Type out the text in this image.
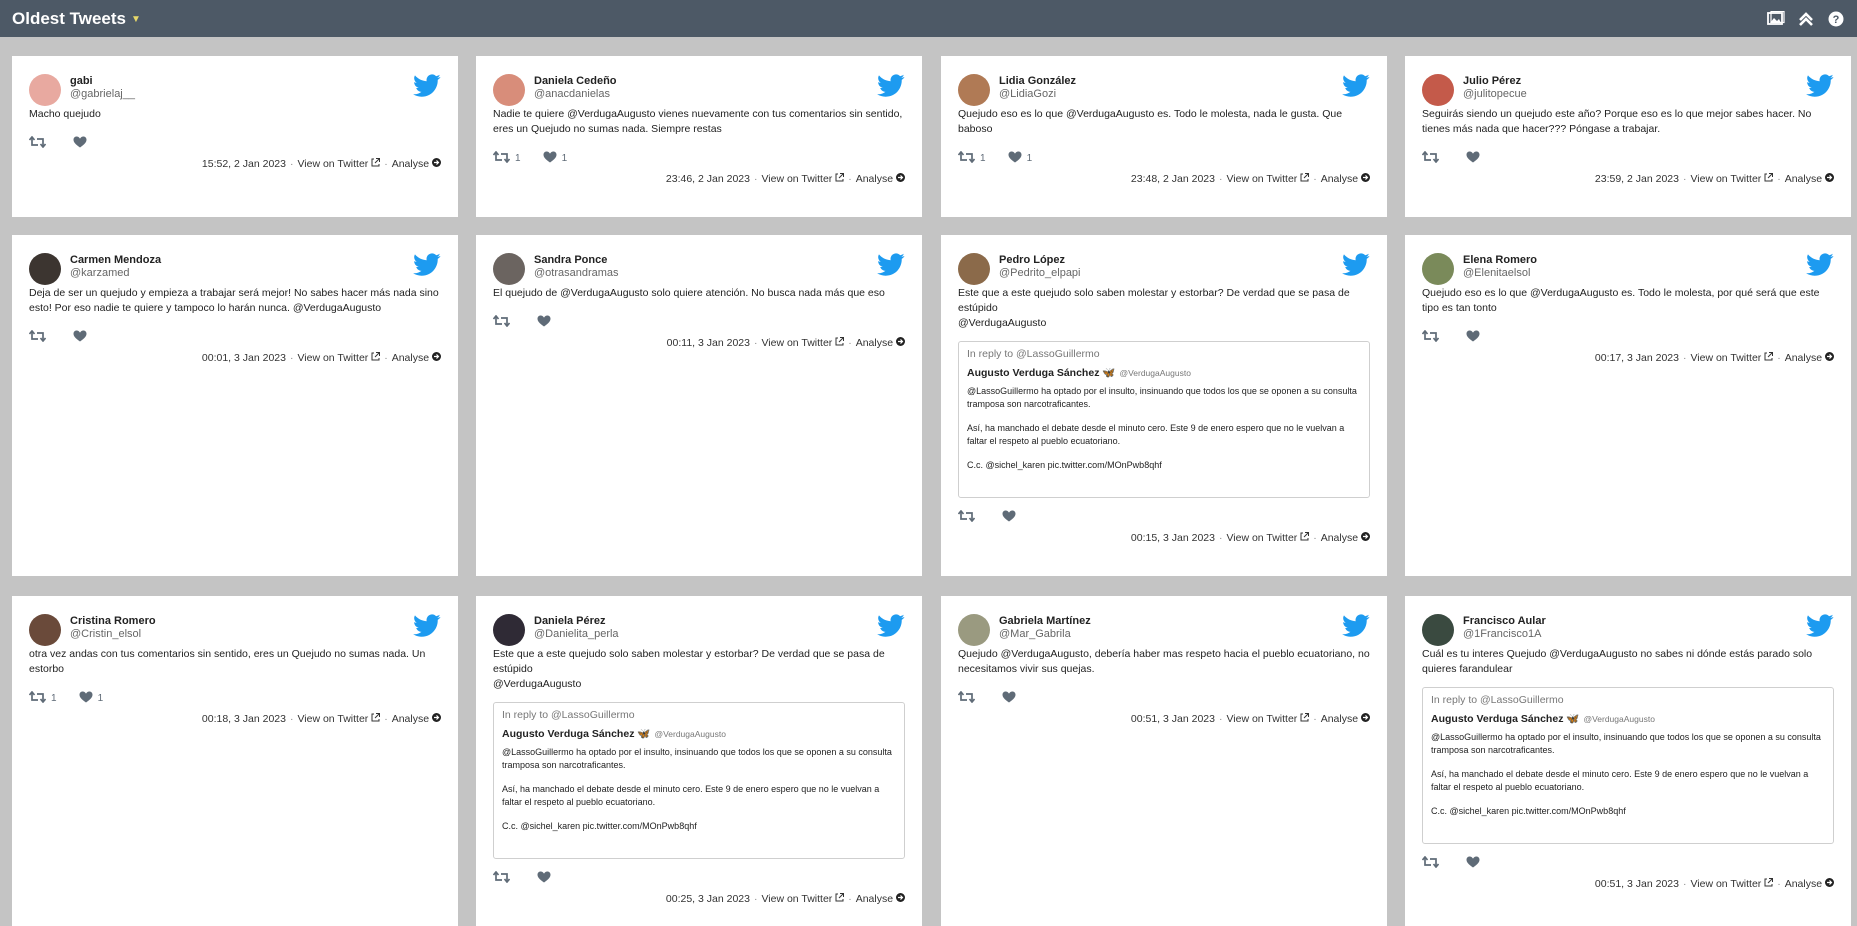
Oldest Tweets ▼	?
gabi
@gabrielaj__
Macho quejudo
15:52, 2 Jan 2023 · View on Twitter	· Analyse
Daniela Cedeño
@anacdanielas
Nadie te quiere @VerdugaAugusto vienes nuevamente con tus comentarios sin sentido, eres un Quejudo no sumas nada. Siempre restas
1	1
23:46, 2 Jan 2023 · View on Twitter	· Analyse
Lidia González
@LidiaGozi
Quejudo eso es lo que @VerdugaAugusto es. Todo le molesta, nada le gusta. Que baboso
1	1
23:48, 2 Jan 2023 · View on Twitter	· Analyse
Julio Pérez
@julitopecue
Seguirás siendo un quejudo este año? Porque eso es lo que mejor sabes hacer. No tienes más nada que hacer??? Póngase a trabajar.
23:59, 2 Jan 2023 · View on Twitter	· Analyse
Carmen Mendoza
@karzamed
Deja de ser un quejudo y empieza a trabajar será mejor! No sabes hacer más nada sino esto! Por eso nadie te quiere y tampoco lo harán nunca. @VerdugaAugusto
00:01, 3 Jan 2023 · View on Twitter	· Analyse
Sandra Ponce
@otrasandramas
El quejudo de @VerdugaAugusto solo quiere atención. No busca nada más que eso
00:11, 3 Jan 2023 · View on Twitter	· Analyse
Pedro López
@Pedrito_elpapi
Este que a este quejudo solo saben molestar y estorbar? De verdad que se pasa de estúpido
@VerdugaAugusto
In reply to @LassoGuillermo
Augusto Verduga Sánchez 🦋 @VerdugaAugusto

@LassoGuillermo ha optado por el insulto, insinuando que todos los que se oponen a su consulta tramposa son narcotraficantes.

Así, ha manchado el debate desde el minuto cero. Este 9 de enero espero que no le vuelvan a faltar el respeto al pueblo ecuatoriano.

C.c. @sichel_karen pic.twitter.com/MOnPwb8qhf

00:15, 3 Jan 2023 · View on Twitter	· Analyse
Elena Romero
@Elenitaelsol
Quejudo eso es lo que @VerdugaAugusto es. Todo le molesta, por qué será que este tipo es tan tonto
00:17, 3 Jan 2023 · View on Twitter	· Analyse
Cristina Romero
@Cristin_elsol
otra vez andas con tus comentarios sin sentido, eres un Quejudo no sumas nada. Un estorbo
1	1
00:18, 3 Jan 2023 · View on Twitter	· Analyse
Daniela Pérez
@Danielita_perla
Este que a este quejudo solo saben molestar y estorbar? De verdad que se pasa de estúpido
@VerdugaAugusto
In reply to @LassoGuillermo
Augusto Verduga Sánchez 🦋 @VerdugaAugusto

@LassoGuillermo ha optado por el insulto, insinuando que todos los que se oponen a su consulta tramposa son narcotraficantes.

Así, ha manchado el debate desde el minuto cero. Este 9 de enero espero que no le vuelvan a faltar el respeto al pueblo ecuatoriano.

C.c. @sichel_karen pic.twitter.com/MOnPwb8qhf

00:25, 3 Jan 2023 · View on Twitter	· Analyse
Gabriela Martínez
@Mar_Gabrila
Quejudo @VerdugaAugusto, debería haber mas respeto hacia el pueblo ecuatoriano, no necesitamos vivir sus quejas.
00:51, 3 Jan 2023 · View on Twitter	· Analyse
Francisco Aular
@1Francisco1A
Cuál es tu interes Quejudo @VerdugaAugusto no sabes ni dónde estás parado solo quieres farandulear
In reply to @LassoGuillermo
Augusto Verduga Sánchez 🦋 @VerdugaAugusto

@LassoGuillermo ha optado por el insulto, insinuando que todos los que se oponen a su consulta tramposa son narcotraficantes.

Así, ha manchado el debate desde el minuto cero. Este 9 de enero espero que no le vuelvan a faltar el respeto al pueblo ecuatoriano.

C.c. @sichel_karen pic.twitter.com/MOnPwb8qhf

00:51, 3 Jan 2023 · View on Twitter	· Analyse
